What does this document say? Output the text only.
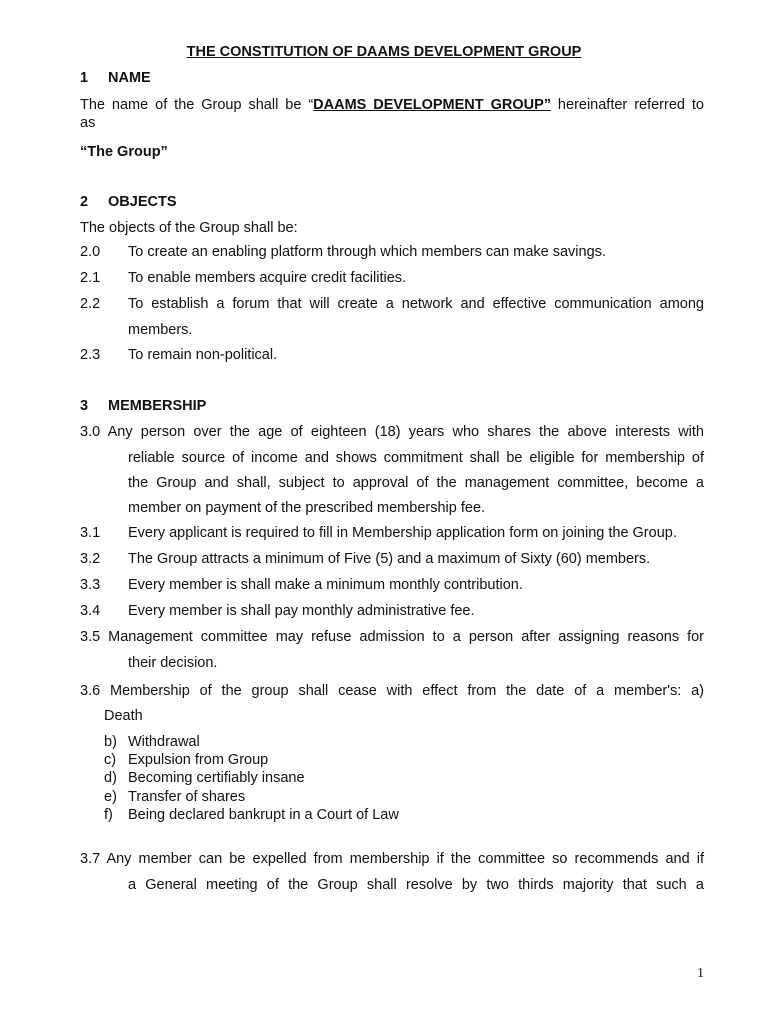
THE CONSTITUTION OF DAAMS DEVELOPMENT GROUP
1 NAME
The name of the Group shall be “DAAMS DEVELOPMENT GROUP” hereinafter referred to
as
“The Group”
2 OBJECTS
The objects of the Group shall be:
2.0 To create an enabling platform through which members can make savings.
2.1 To enable members acquire credit facilities.
2.2 To establish a forum that will create a network and effective communication among
members.
2.3 To remain non-political.
3 MEMBERSHIP
3.0 Any person over the age of eighteen (18) years who shares the above interests with
reliable source of income and shows commitment shall be eligible for membership of
the Group and shall, subject to approval of the management committee, become a
member on payment of the prescribed membership fee.
3.1 Every applicant is required to fill in Membership application form on joining the Group.
3.2 The Group attracts a minimum of Five (5) and a maximum of Sixty (60) members.
3.3 Every member is shall make a minimum monthly contribution.
3.4 Every member is shall pay monthly administrative fee.
3.5 Management committee may refuse admission to a person after assigning reasons for
their decision.
3.6 Membership of the group shall cease with effect from the date of a member's: a)
Death
b) Withdrawal
c) Expulsion from Group
d) Becoming certifiably insane
e) Transfer of shares
f) Being declared bankrupt in a Court of Law
3.7 Any member can be expelled from membership if the committee so recommends and if
a General meeting of the Group shall resolve by two thirds majority that such a
1
